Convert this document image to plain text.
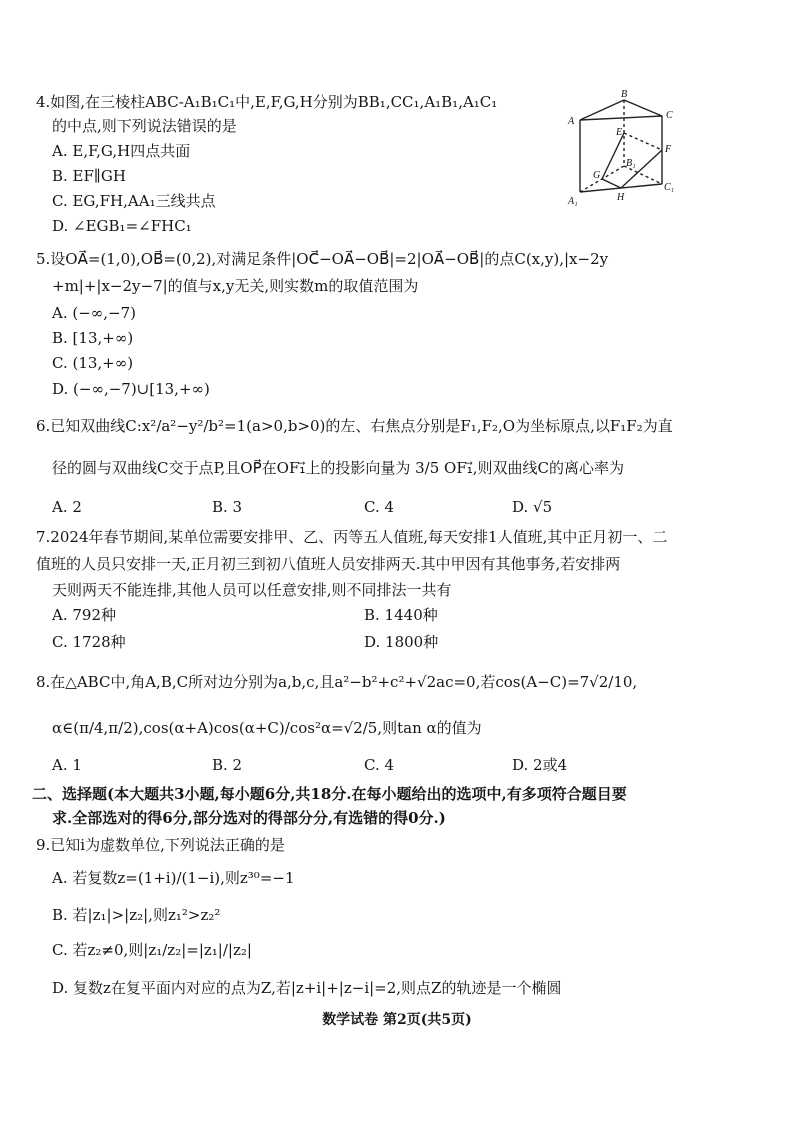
4.如图,在三棱柱ABC-A₁B₁C₁中,E,F,G,H分别为BB₁,CC₁,A₁B₁,A₁C₁
的中点,则下列说法错误的是
A. E,F,G,H四点共面
B. EF∥GH
C. EG,FH,AA₁三线共点
D. ∠EGB₁=∠FHC₁
B
A
C
E
B₁
F
G
H
C₁
A₁
5.设OA⃗=(1,0),OB⃗=(0,2),对满足条件|OC⃗−OA⃗−OB⃗|=2|OA⃗−OB⃗|的点C(x,y),|x−2y
+m|+|x−2y−7|的值与x,y无关,则实数m的取值范围为
A. (−∞,−7)
B. [13,+∞)
C. (13,+∞)
D. (−∞,−7)∪[13,+∞)
6.已知双曲线C:x²/a²−y²/b²=1(a>0,b>0)的左、右焦点分别是F₁,F₂,O为坐标原点,以F₁F₂为直
径的圆与双曲线C交于点P,且OP⃗在OF₁⃗上的投影向量为 3/5 OF₁⃗,则双曲线C的离心率为
A. 2	B. 3	C. 4	D. √5
7.2024年春节期间,某单位需要安排甲、乙、丙等五人值班,每天安排1人值班,其中正月初一、二
值班的人员只安排一天,正月初三到初八值班人员安排两天.其中甲因有其他事务,若安排两
天则两天不能连排,其他人员可以任意安排,则不同排法一共有
A. 792种	B. 1440种
C. 1728种	D. 1800种
8.在△ABC中,角A,B,C所对边分别为a,b,c,且a²−b²+c²+√2ac=0,若cos(A−C)=7√2/10,
α∈(π/4,π/2),cos(α+A)cos(α+C)/cos²α=√2/5,则tan α的值为
A. 1	B. 2	C. 4	D. 2或4
二、选择题(本大题共3小题,每小题6分,共18分.在每小题给出的选项中,有多项符合题目要
求.全部选对的得6分,部分选对的得部分分,有选错的得0分.)
9.已知i为虚数单位,下列说法正确的是
A. 若复数z=(1+i)/(1−i),则z³⁰=−1
B. 若|z₁|>|z₂|,则z₁²>z₂²
C. 若z₂≠0,则|z₁/z₂|=|z₁|/|z₂|
D. 复数z在复平面内对应的点为Z,若|z+i|+|z−i|=2,则点Z的轨迹是一个椭圆
数学试卷 第2页(共5页)
